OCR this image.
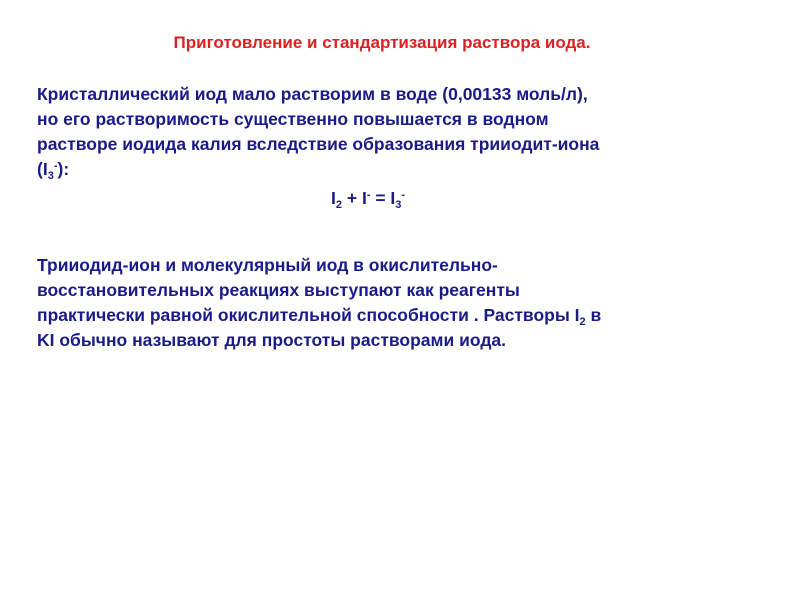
Приготовление и стандартизация раствора иода.
Кристаллический иод мало растворим в воде (0,00133 моль/л),
но его растворимость существенно повышается в водном
растворе иодида калия вследствие образования трииодит-иона
$(I_3^-)$:
$I_2 + I^- = I_3^-$
Трииодид-ион и молекулярный иод в окислительно-
восстановительных реакциях выступают как реагенты
практически равной окислительной способности . Растворы $I_2$ в
KI обычно называют для простоты растворами иода.
